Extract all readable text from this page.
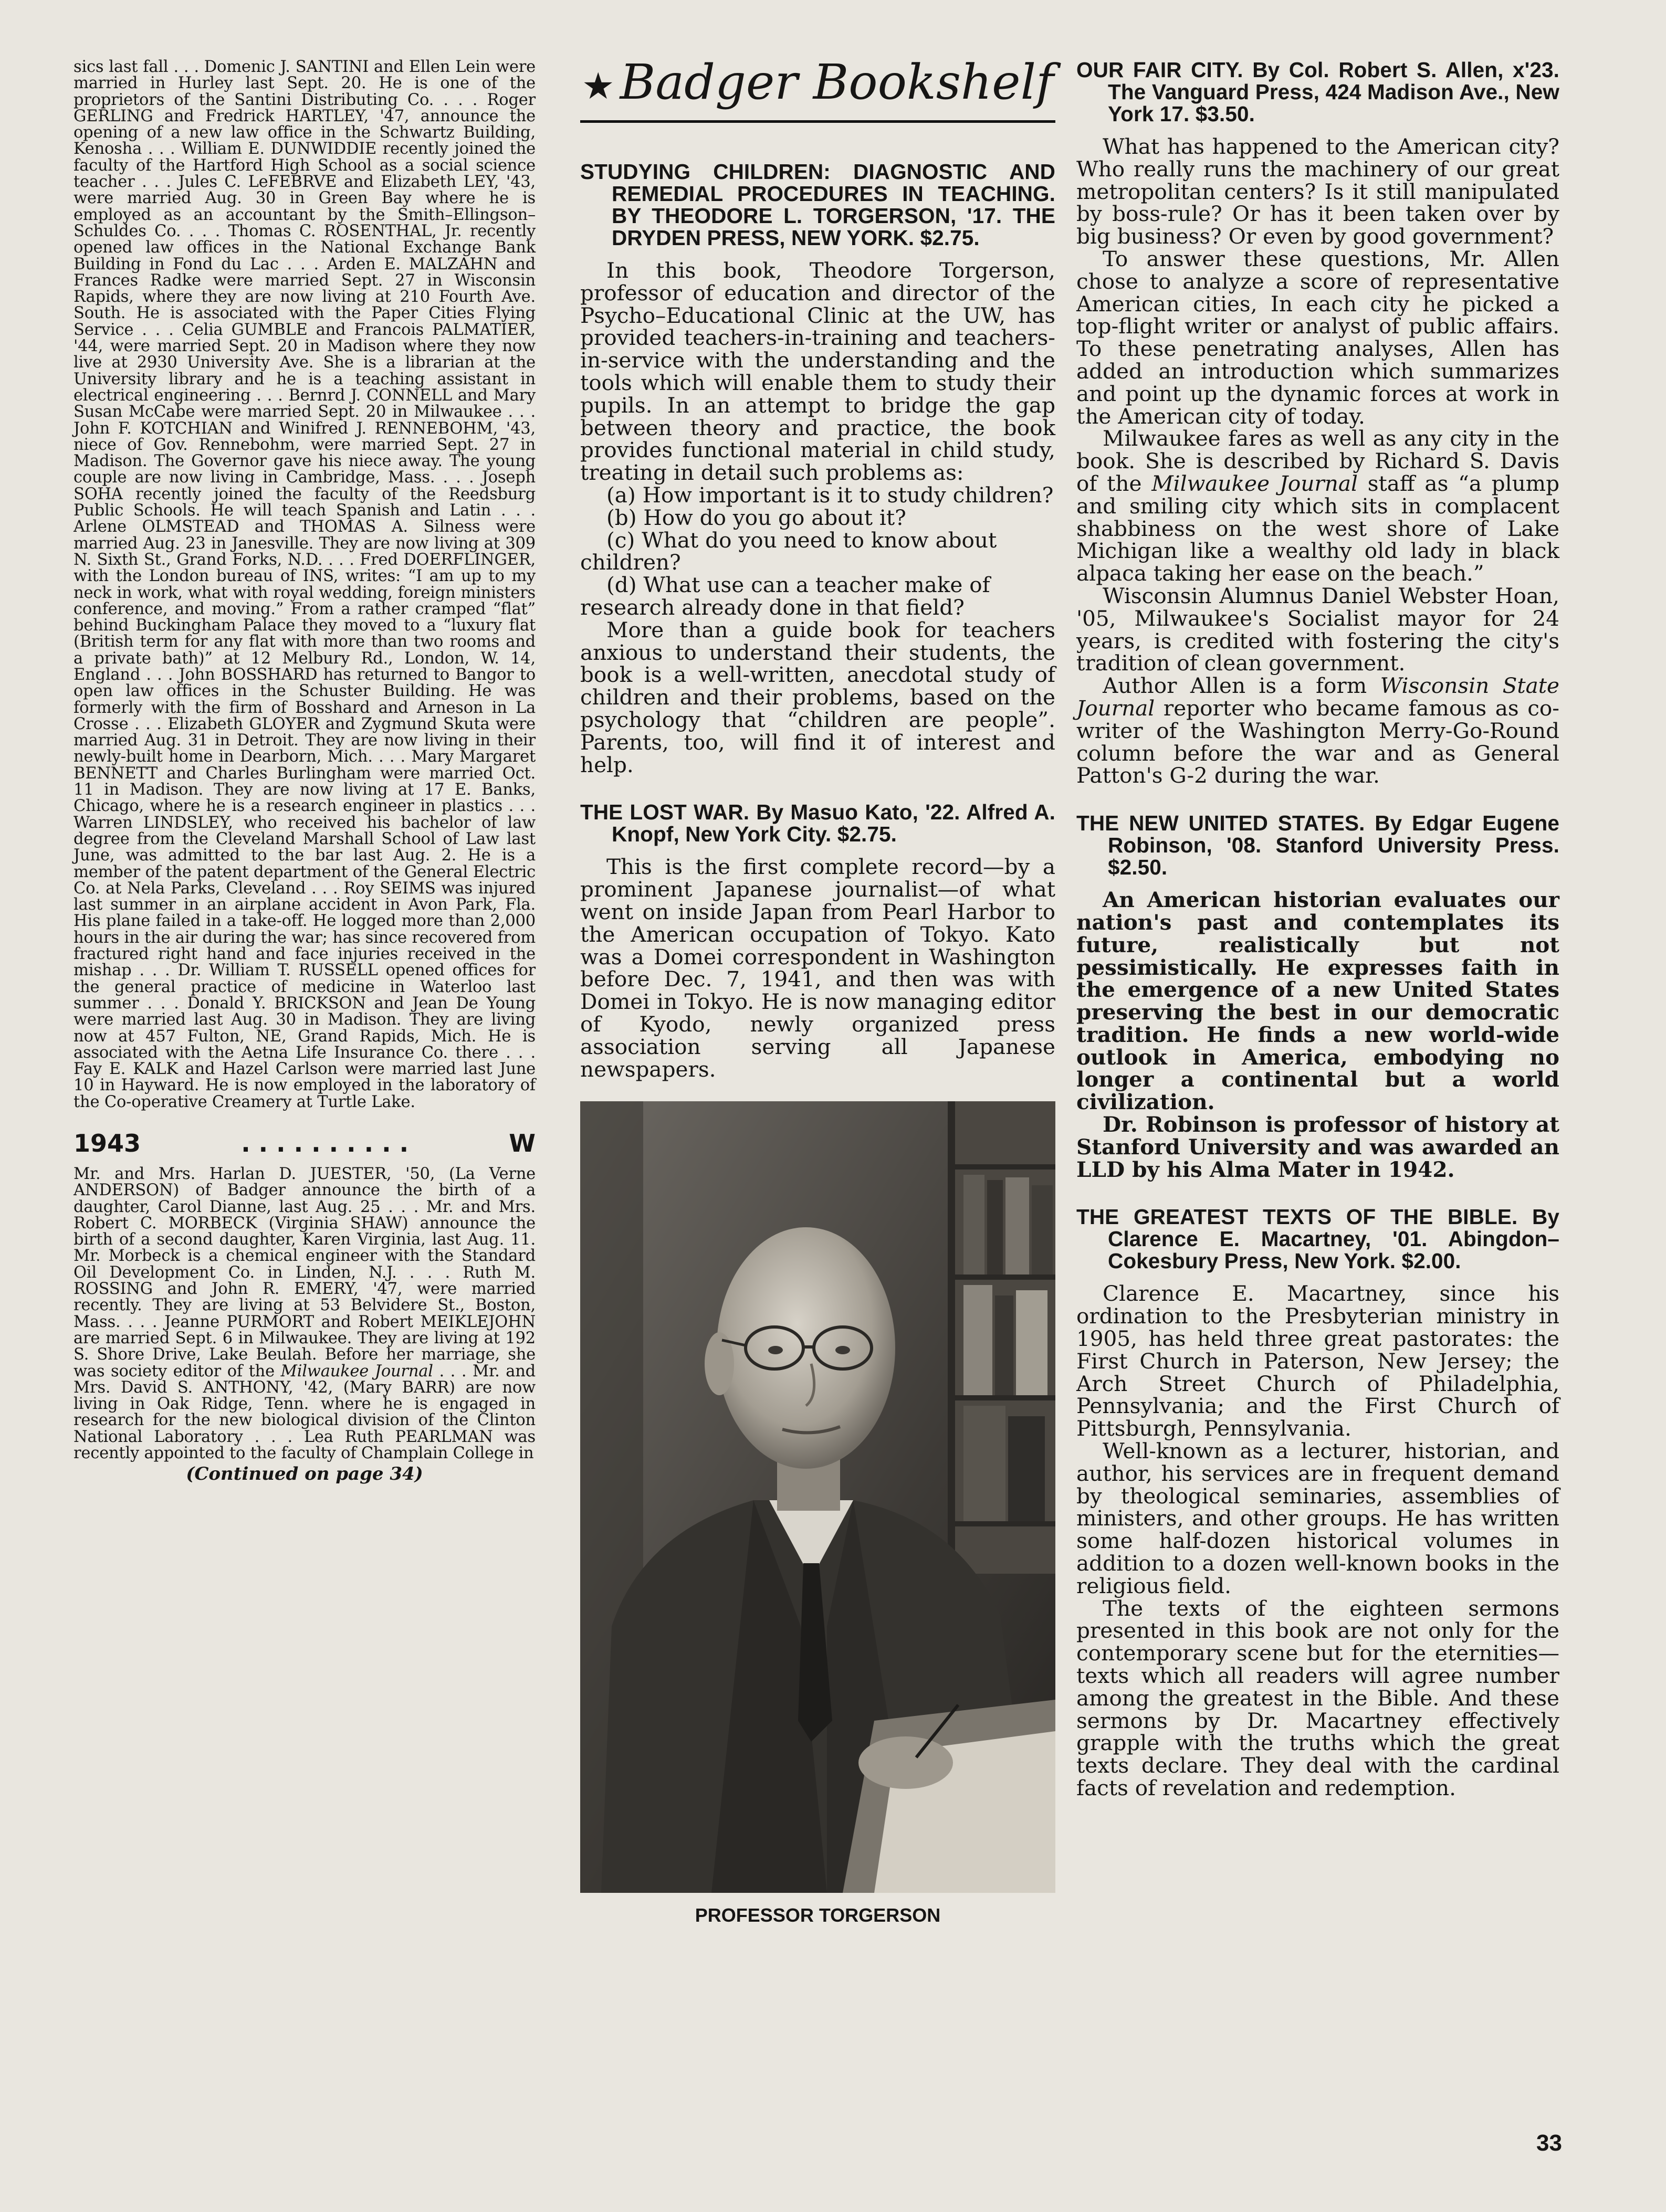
sics last fall . . . Domenic J. SANTINI and Ellen Lein were married in Hurley last Sept. 20. He is one of the proprietors of the Santini Distributing Co. . . . Roger GERLING and Fredrick HARTLEY, '47, announce the opening of a new law office in the Schwartz Building, Kenosha . . . William E. DUNWIDDIE recently joined the faculty of the Hartford High School as a social science teacher . . . Jules C. LeFEBRVE and Elizabeth LEY, '43, were married Aug. 30 in Green Bay where he is employed as an accountant by the Smith–Ellingson–Schuldes Co. . . . Thomas C. ROSENTHAL, Jr. recently opened law offices in the National Exchange Bank Building in Fond du Lac . . . Arden E. MALZAHN and Frances Radke were married Sept. 27 in Wisconsin Rapids, where they are now living at 210 Fourth Ave. South. He is associated with the Paper Cities Flying Service . . . Celia GUMBLE and Francois PALMATIER, '44, were married Sept. 20 in Madison where they now live at 2930 University Ave. She is a librarian at the University library and he is a teaching assistant in electrical engineering . . . Bernrd J. CONNELL and Mary Susan McCabe were married Sept. 20 in Milwaukee . . . John F. KOTCHIAN and Winifred J. RENNEBOHM, '43, niece of Gov. Rennebohm, were married Sept. 27 in Madison. The Governor gave his niece away. The young couple are now living in Cambridge, Mass. . . . Joseph SOHA recently joined the faculty of the Reedsburg Public Schools. He will teach Spanish and Latin . . . Arlene OLMSTEAD and THOMAS A. Silness were married Aug. 23 in Janesville. They are now living at 309 N. Sixth St., Grand Forks, N.D. . . . Fred DOERFLINGER, with the London bureau of INS, writes: “I am up to my neck in work, what with royal wedding, foreign ministers conference, and moving.” From a rather cramped “flat” behind Buckingham Palace they moved to a “luxury flat (British term for any flat with more than two rooms and a private bath)” at 12 Melbury Rd., London, W. 14, England . . . John BOSSHARD has returned to Bangor to open law offices in the Schuster Building. He was formerly with the firm of Bosshard and Arneson in La Crosse . . . Elizabeth GLOYER and Zygmund Skuta were married Aug. 31 in Detroit. They are now living in their newly-built home in Dearborn, Mich. . . . Mary Margaret BENNETT and Charles Burlingham were married Oct. 11 in Madison. They are now living at 17 E. Banks, Chicago, where he is a research engineer in plastics . . . Warren LINDSLEY, who received his bachelor of law degree from the Cleveland Marshall School of Law last June, was admitted to the bar last Aug. 2. He is a member of the patent department of the General Electric Co. at Nela Parks, Cleveland . . . Roy SEIMS was injured last summer in an airplane accident in Avon Park, Fla. His plane failed in a take-off. He logged more than 2,000 hours in the air during the war; has since recovered from fractured right hand and face injuries received in the mishap . . . Dr. William T. RUSSELL opened offices for the general practice of medicine in Waterloo last summer . . . Donald Y. BRICKSON and Jean De Young were married last Aug. 30 in Madison. They are living now at 457 Fulton, NE, Grand Rapids, Mich. He is associated with the Aetna Life Insurance Co. there . . . Fay E. KALK and Hazel Carlson were married last June 10 in Hayward. He is now employed in the laboratory of the Co-operative Creamery at Turtle Lake.

1943	. . . . . . . . . .	W

Mr. and Mrs. Harlan D. JUESTER, '50, (La Verne ANDERSON) of Badger announce the birth of a daughter, Carol Dianne, last Aug. 25 . . . Mr. and Mrs. Robert C. MORBECK (Virginia SHAW) announce the birth of a second daughter, Karen Virginia, last Aug. 11. Mr. Morbeck is a chemical engineer with the Standard Oil Development Co. in Linden, N.J. . . . Ruth M. ROSSING and John R. EMERY, '47, were married recently. They are living at 53 Belvidere St., Boston, Mass. . . . Jeanne PURMORT and Robert MEIKLEJOHN are married Sept. 6 in Milwaukee. They are living at 192 S. Shore Drive, Lake Beulah. Before her marriage, she was society editor of the Milwaukee Journal . . . Mr. and Mrs. David S. ANTHONY, '42, (Mary BARR) are now living in Oak Ridge, Tenn. where he is engaged in research for the new biological division of the Clinton National Laboratory . . . Lea Ruth PEARLMAN was recently appointed to the faculty of Champlain College in

(Continued on page 34)
★ Badger Bookshelf

STUDYING CHILDREN: DIAGNOSTIC AND REMEDIAL PROCEDURES IN TEACHING. BY THEODORE L. TORGERSON, '17. THE DRYDEN PRESS, NEW YORK. $2.75.

In this book, Theodore Torgerson, professor of education and director of the Psycho–Educational Clinic at the UW, has provided teachers-in-training and teachers-in-service with the understanding and the tools which will enable them to study their pupils. In an attempt to bridge the gap between theory and practice, the book provides functional material in child study, treating in detail such problems as:

(a) How important is it to study children?

(b) How do you go about it?

(c) What do you need to know about children?

(d) What use can a teacher make of research already done in that field?

More than a guide book for teachers anxious to understand their students, the book is a well-written, anecdotal study of children and their problems, based on the psychology that “children are people”. Parents, too, will find it of interest and help.

THE LOST WAR. By Masuo Kato, '22. Alfred A. Knopf, New York City. $2.75.

This is the first complete record—by a prominent Japanese journalist—of what went on inside Japan from Pearl Harbor to the American occupation of Tokyo. Kato was a Domei correspondent in Washington before Dec. 7, 1941, and then was with Domei in Tokyo. He is now managing editor of Kyodo, newly organized press association serving all Japanese newspapers.

PROFESSOR TORGERSON

OUR FAIR CITY. By Col. Robert S. Allen, x'23. The Vanguard Press, 424 Madison Ave., New York 17. $3.50.

What has happened to the American city? Who really runs the machinery of our great metropolitan centers? Is it still manipulated by boss-rule? Or has it been taken over by big business? Or even by good government?

To answer these questions, Mr. Allen chose to analyze a score of representative American cities, In each city he picked a top-flight writer or analyst of public affairs. To these penetrating analyses, Allen has added an introduction which summarizes and point up the dynamic forces at work in the American city of today.

Milwaukee fares as well as any city in the book. She is described by Richard S. Davis of the Milwaukee Journal staff as “a plump and smiling city which sits in complacent shabbiness on the west shore of Lake Michigan like a wealthy old lady in black alpaca taking her ease on the beach.”

Wisconsin Alumnus Daniel Webster Hoan, '05, Milwaukee's Socialist mayor for 24 years, is credited with fostering the city's tradition of clean government.

Author Allen is a form Wisconsin State Journal reporter who became famous as co-writer of the Washington Merry-Go-Round column before the war and as General Patton's G-2 during the war.

THE NEW UNITED STATES. By Edgar Eugene Robinson, '08. Stanford University Press. $2.50.

An American historian evaluates our nation's past and contemplates its future, realistically but not pessimistically. He expresses faith in the emergence of a new United States preserving the best in our democratic tradition. He finds a new world-wide outlook in America, embodying no longer a continental but a world civilization.

Dr. Robinson is professor of history at Stanford University and was awarded an LLD by his Alma Mater in 1942.

THE GREATEST TEXTS OF THE BIBLE. By Clarence E. Macartney, '01. Abingdon–Cokesbury Press, New York. $2.00.

Clarence E. Macartney, since his ordination to the Presbyterian ministry in 1905, has held three great pastorates: the First Church in Paterson, New Jersey; the Arch Street Church of Philadelphia, Pennsylvania; and the First Church of Pittsburgh, Pennsylvania.

Well-known as a lecturer, historian, and author, his services are in frequent demand by theological seminaries, assemblies of ministers, and other groups. He has written some half-dozen historical volumes in addition to a dozen well-known books in the religious field.

The texts of the eighteen sermons presented in this book are not only for the contemporary scene but for the eternities—texts which all readers will agree number among the greatest in the Bible. And these sermons by Dr. Macartney effectively grapple with the truths which the great texts declare. They deal with the cardinal facts of revelation and redemption.

33
